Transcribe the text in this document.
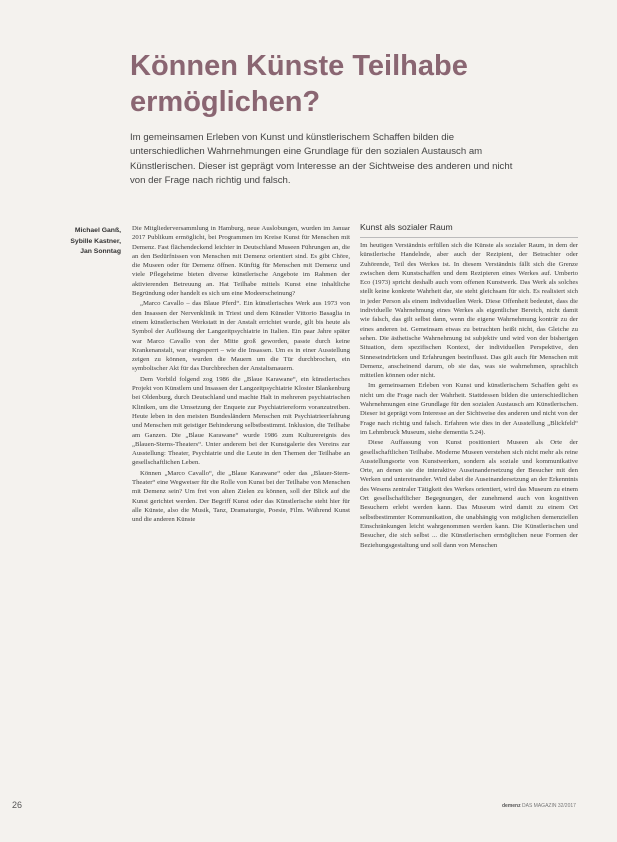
Können Künste Teilhabe
ermöglichen?

Im gemeinsamen Erleben von Kunst und künstlerischem Schaffen bilden die unterschiedlichen Wahrnehmungen eine Grundlage für den sozialen Austausch am Künstlerischen. Dieser ist geprägt vom Interesse an der Sichtweise des anderen und nicht von der Frage nach richtig und falsch.

Michael Ganß,
Sybille Kastner,
Jan Sonntag

Die Mitgliederversammlung in Hamburg, neue Auslobungen, wurden im Januar 2017 Publikum ermöglicht, bei Programmen im Kreise Kunst für Menschen mit Demenz. Fast flächendeckend leichter in Deutschland Museen Führungen an, die an den Bedürfnissen von Menschen mit Demenz orientiert sind. Es gibt Chöre, die Museen oder für Demenz öffnen. Künftig für Menschen mit Demenz und viele Pflegeheime bieten diverse künstlerische Angebote im Rahmen der aktivierenden Betreuung an. Hat Teilhabe mittels Kunst eine inhaltliche Begründung oder handelt es sich um eine Modeerscheinung?

„Marco Cavallo – das Blaue Pferd“. Ein künstlerisches Werk aus 1973 von den Insassen der Nervenklinik in Triest und dem Künstler Vittorio Basaglia in einem künstlerischen Werkstatt in der Anstalt errichtet wurde, gilt bis heute als Symbol der Auflösung der Langzeitpsychiatrie in Italien. Ein paar Jahre später war Marco Cavallo von der Mitte groß geworden, passte durch keine Krankenanstalt, war eingesperrt – wie die Insassen. Um es in einer Ausstellung zeigen zu können, wurden die Mauern um die Tür durchbrochen, ein symbolischer Akt für das Durchbrechen der Anstaltsmauern.

Dem Vorbild folgend zog 1986 die „Blaue Karawane“, ein künstlerisches Projekt von Künstlern und Insassen der Langzeitpsychiatrie Kloster Blankenburg bei Oldenburg, durch Deutschland und machte Halt in mehreren psychiatrischen Kliniken, um die Umsetzung der Enquete zur Psychiatriereform voranzutreiben. Heute leben in den meisten Bundesländern Menschen mit Psychiatrieerfahrung und Menschen mit geistiger Behinderung selbstbestimmt. Inklusion, die Teilhabe am Ganzen. Die „Blaue Karawane“ wurde 1986 zum Kulturereignis des „Blauen-Sterns-Theaters“. Unter anderem bei der Kunstgalerie des Vereins zur Ausstellung: Theater, Psychiatrie und die Leute in den Themen der Teilhabe an gesellschaftlichen Leben.

Können „Marco Cavallo“, die „Blaue Karawane“ oder das „Blauer-Stern-Theater“ eine Wegweiser für die Rolle von Kunst bei der Teilhabe von Menschen mit Demenz sein? Um frei von alten Zielen zu können, soll der Blick auf die Kunst gerichtet werden. Der Begriff Kunst oder das Künstlerische steht hier für alle Künste, also die Musik, Tanz, Dramaturgie, Poesie, Film. Während Kunst und die anderen Künste

Kunst als sozialer Raum

Im heutigen Verständnis erfüllen sich die Künste als sozialer Raum, in dem der künstlerische Handelnde, aber auch der Rezipient, der Betrachter oder Zuhörende, Teil des Werkes ist. In diesem Verständnis fällt sich die Grenze zwischen dem Kunstschaffen und dem Rezipieren eines Werkes auf. Umberto Eco (1973) spricht deshalb auch vom offenen Kunstwerk. Das Werk als solches stellt keine konkrete Wahrheit dar, sie steht gleichsam für sich. Es realisiert sich in jeder Person als einem individuellen Werk. Diese Offenheit bedeutet, dass die individuelle Wahrnehmung eines Werkes als eigentlicher Bereich, nicht damit wie falsch, das gilt selbst dann, wenn die eigene Wahrnehmung konträr zu der eines anderen ist. Gemeinsam etwas zu betrachten heißt nicht, das Gleiche zu sehen. Die ästhetische Wahrnehmung ist subjektiv und wird von der bisherigen Situation, dem spezifischen Kontext, der individuellen Perspektive, den Sinneseindrücken und Erfahrungen beeinflusst. Das gilt auch für Menschen mit Demenz, anscheinend darum, ob sie das, was sie wahrnehmen, sprachlich mitteilen können oder nicht.

Im gemeinsamen Erleben von Kunst und künstlerischem Schaffen geht es nicht um die Frage nach der Wahrheit. Stattdessen bilden die unterschiedlichen Wahrnehmungen eine Grundlage für den sozialen Austausch am Künstlerischen. Dieser ist geprägt vom Interesse an der Sichtweise des anderen und nicht von der Frage nach richtig und falsch. Erfahren wie dies in der Ausstellung „Blickfeld“ im Lehmbruck Museum, siehe dementia 5.24).

Diese Auffassung von Kunst positioniert Museen als Orte der gesellschaftlichen Teilhabe. Moderne Museen verstehen sich nicht mehr als reine Ausstellungsorte von Kunstwerken, sondern als soziale und kommunikative Orte, an denen sie die interaktive Auseinandersetzung der Besucher mit den Werken und untereinander. Wird dabei die Auseinandersetzung an der Erkenntnis des Wesens zentraler Tätigkeit des Werkes orientiert, wird das Museum zu einem Ort gesellschaftlicher Begegnungen, der zunehmend auch von kognitiven Besuchern erlebt werden kann. Das Museum wird damit zu einem Ort selbstbestimmter Kommunikation, die unabhängig von möglichen demenziellen Einschränkungen leicht wahrgenommen werden kann. Die Künstlerischen und Besucher, die sich selbst ... die Künstlerischen ermöglichen neue Formen der Beziehungsgestaltung und soll dann von Menschen

26	demenz DAS MAGAZIN 32/2017
